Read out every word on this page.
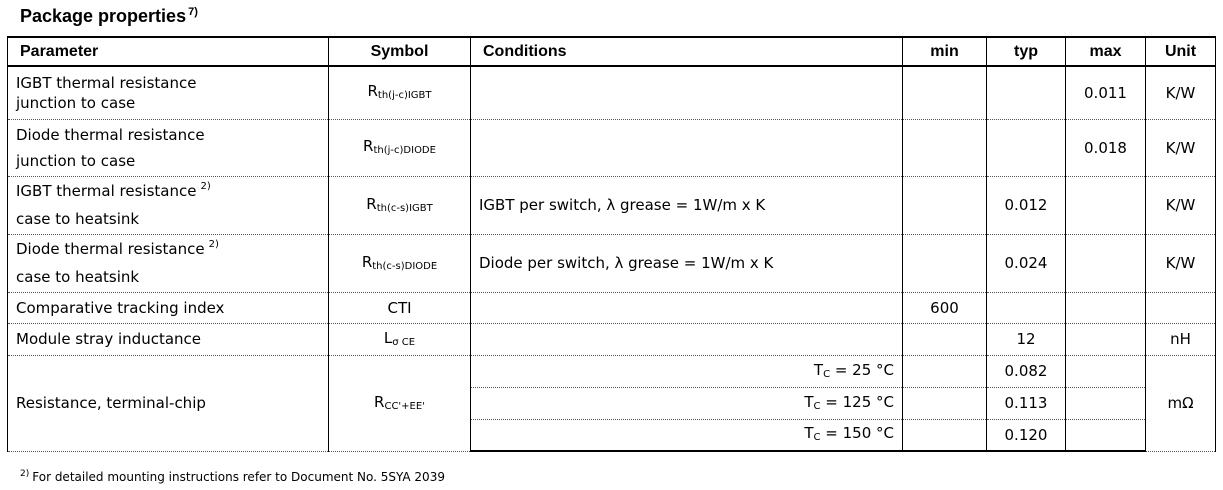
Package properties $^{7)}$
Parameter	Symbol	Conditions	min	typ	max	Unit

IGBT thermal resistance
junction to case	Rth(j-c)IGBT				0.011	K/W

Diode thermal resistance
junction to case	Rth(j-c)DIODE				0.018	K/W

IGBT thermal resistance $^{2)}$
case to heatsink	Rth(c-s)IGBT	IGBT per switch, λ grease = 1W/m x K		0.012		K/W

Diode thermal resistance $^{2)}$
case to heatsink	Rth(c-s)DIODE	Diode per switch, λ grease = 1W/m x K		0.024		K/W
Comparative tracking index	CTI		600			
Module stray inductance	Lσ CE			12		nH
Resistance, terminal-chip	RCC'+EE'	TC = 25 °C		0.082		mΩ
		TC = 125 °C		0.113		
		TC = 150 °C		0.120		
$^{2)}$ For detailed mounting instructions refer to Document No. 5SYA 2039
